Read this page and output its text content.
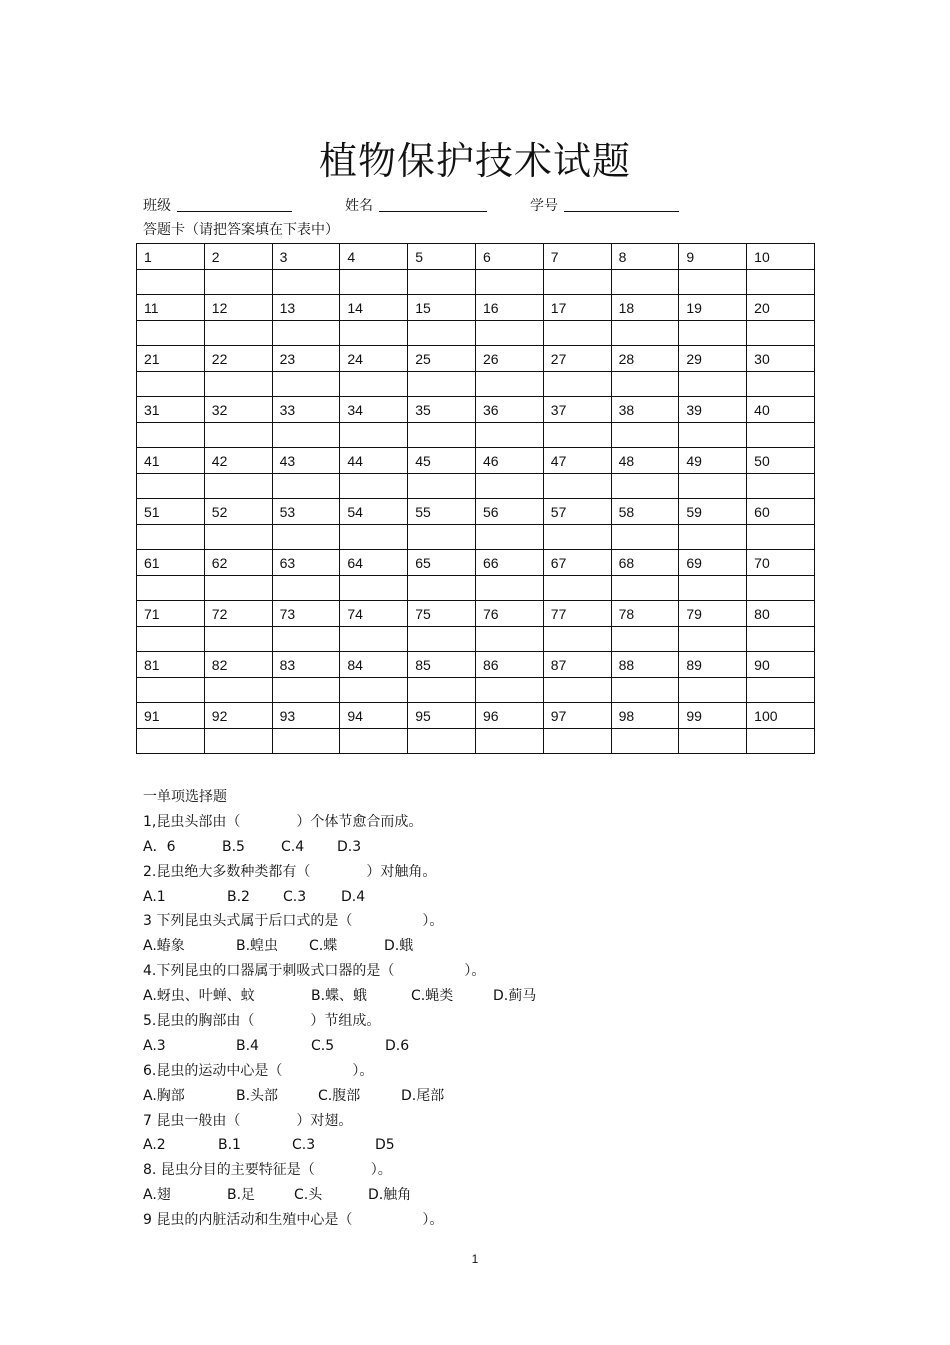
植物保护技术试题
班级	姓名	学号
答题卡（请把答案填在下表中）
1	2	3	4	5	6	7	8	9	10

11	12	13	14	15	16	17	18	19	20

21	22	23	24	25	26	27	28	29	30

31	32	33	34	35	36	37	38	39	40

41	42	43	44	45	46	47	48	49	50

51	52	53	54	55	56	57	58	59	60

61	62	63	64	65	66	67	68	69	70

71	72	73	74	75	76	77	78	79	80

81	82	83	84	85	86	87	88	89	90

91	92	93	94	95	96	97	98	99	100

一单项选择题
1,昆虫头部由（　　　　）个体节愈合而成。
A．6	B.5	C.4 D.3
2.昆虫绝大多数种类都有（　　　　）对触角。
A.1	B.2 C.3 D.4
3 下列昆虫头式属于后口式的是（　　　　　）。
A.蝽象	B.蝗虫 C.蝶	D.蛾
4.下列昆虫的口器属于刺吸式口器的是（　　　　　）。
A.蚜虫、叶蝉、蚊	B.蝶、蛾	C.蝇类	D.蓟马
5.昆虫的胸部由（　　　　）节组成。
A.3	B.4	C.5	D.6
6.昆虫的运动中心是（　　　　　）。
A.胸部	B.头部	C.腹部	D.尾部
7 昆虫一般由（　　　　）对翅。
A.2	B.1	C.3	D5
8. 昆虫分目的主要特征是（　　　　）。
A.翅	B.足	C.头	D.触角
9 昆虫的内脏活动和生殖中心是（　　　　　）。
1
